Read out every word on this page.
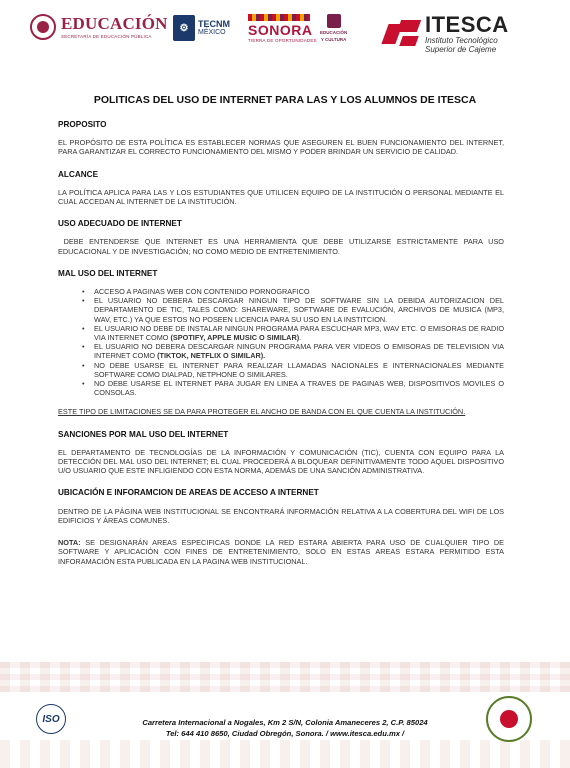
EDUCACIÓN
SECRETARÍA DE EDUCACIÓN PÚBLICA
⚙	TECNM
MÉXICO	SONORA
TIERRA DE OPORTUNIDADES
EDUCACIÓN
Y CULTURA
ITESCA
Instituto Tecnológico
Superior de Cajeme
POLITICAS DEL USO DE INTERNET PARA LAS Y LOS ALUMNOS DE ITESCA
PROPOSITO
EL PROPÓSITO DE ESTA POLÍTICA ES ESTABLECER NORMAS QUE ASEGUREN EL BUEN FUNCIONAMIENTO DEL INTERNET, PARA GARANTIZAR EL CORRECTO FUNCIONAMIENTO DEL MISMO Y PODER BRINDAR UN SERVICIO DE CALIDAD.
ALCANCE
LA POLÍTICA APLICA PARA LAS Y LOS ESTUDIANTES QUE UTILICEN EQUIPO DE LA INSTITUCIÓN O PERSONAL MEDIANTE EL CUAL ACCEDAN AL INTERNET DE LA INSTITUCIÓN.
USO ADECUADO DE INTERNET
DEBE ENTENDERSE QUE INTERNET ES UNA HERRAMIENTA QUE DEBE UTILIZARSE ESTRICTAMENTE PARA USO EDUCACIONAL Y DE INVESTIGACIÓN; NO COMO MEDIO DE ENTRETENIMIENTO.
MAL USO DEL INTERNET
• ACCESO A PAGINAS WEB CON CONTENIDO PORNOGRAFICO
• EL USUARIO NO DEBERA DESCARGAR NINGUN TIPO DE SOFTWARE SIN LA DEBIDA AUTORIZACION DEL DEPARTAMENTO DE TIC, TALES COMO: SHAREWARE, SOFTWARE DE EVALUCIÓN, ARCHIVOS DE MUSICA (MP3, WAV, ETC.) YA QUE ESTOS NO POSEEN LICENCIA PARA SU USO EN LA INSTITCION.
• EL USUARIO NO DEBE DE INSTALAR NINGUN PROGRAMA PARA ESCUCHAR MP3, WAV ETC. O EMISORAS DE RADIO VIA INTERNET COMO (SPOTIFY, APPLE MUSIC O SIMILAR).
• EL USUARIO NO DEBERA DESCARGAR NINGUN PROGRAMA PARA VER VIDEOS O EMISORAS DE TELEVISION VIA INTERNET COMO (TIKTOK, NETFLIX O SIMILAR).
• NO DEBE USARSE EL INTERNET PARA REALIZAR LLAMADAS NACIONALES E INTERNACIONALES MEDIANTE SOFTWARE COMO DIALPAD, NETPHONE O SIMILARES.
• NO DEBE USARSE EL INTERNET PARA JUGAR EN LINEA A TRAVES DE PAGINAS WEB, DISPOSITIVOS MOVILES O CONSOLAS.
ESTE TIPO DE LIMITACIONES SE DA PARA PROTEGER EL ANCHO DE BANDA CON EL QUE CUENTA LA INSTITUCIÓN.
SANCIONES POR MAL USO DEL INTERNET
EL DEPARTAMENTO DE TECNOLOGÍAS DE LA INFORMACIÓN Y COMUNICACIÓN (TIC), CUENTA CON EQUIPO PARA LA DETECCIÓN DEL MAL USO DEL INTERNET; EL CUAL PROCEDERÁ A BLOQUEAR DEFINITIVAMENTE TODO AQUEL DISPOSITIVO U/O USUARIO QUE ESTE INFLIGIENDO CON ESTA NORMA, ADEMÁS DE UNA SANCIÓN ADMINISTRATIVA.
UBICACIÓN E INFORAMCION DE AREAS DE ACCESO A INTERNET
DENTRO DE LA PÁGINA WEB INSTITUCIONAL SE ENCONTRARÁ INFORMACIÓN RELATIVA A LA COBERTURA DEL WIFI DE LOS EDIFICIOS Y ÁREAS COMUNES.
NOTA: SE DESIGNARÁN AREAS ESPECIFICAS DONDE LA RED ESTARA ABIERTA PARA USO DE CUALQUIER TIPO DE SOFTWARE Y APLICACIÓN CON FINES DE ENTRETENIMIENTO, SOLO EN ESTAS AREAS ESTARA PERMITIDO ESTA INFORAMACIÓN ESTA PUBLICADA EN LA PAGINA WEB INSTITUCIONAL.
ISO	Carretera Internacional a Nogales, Km 2 S/N, Colonia Amaneceres 2, C.P. 85024
Tel: 644 410 8650, Ciudad Obregón, Sonora. / www.itesca.edu.mx /
